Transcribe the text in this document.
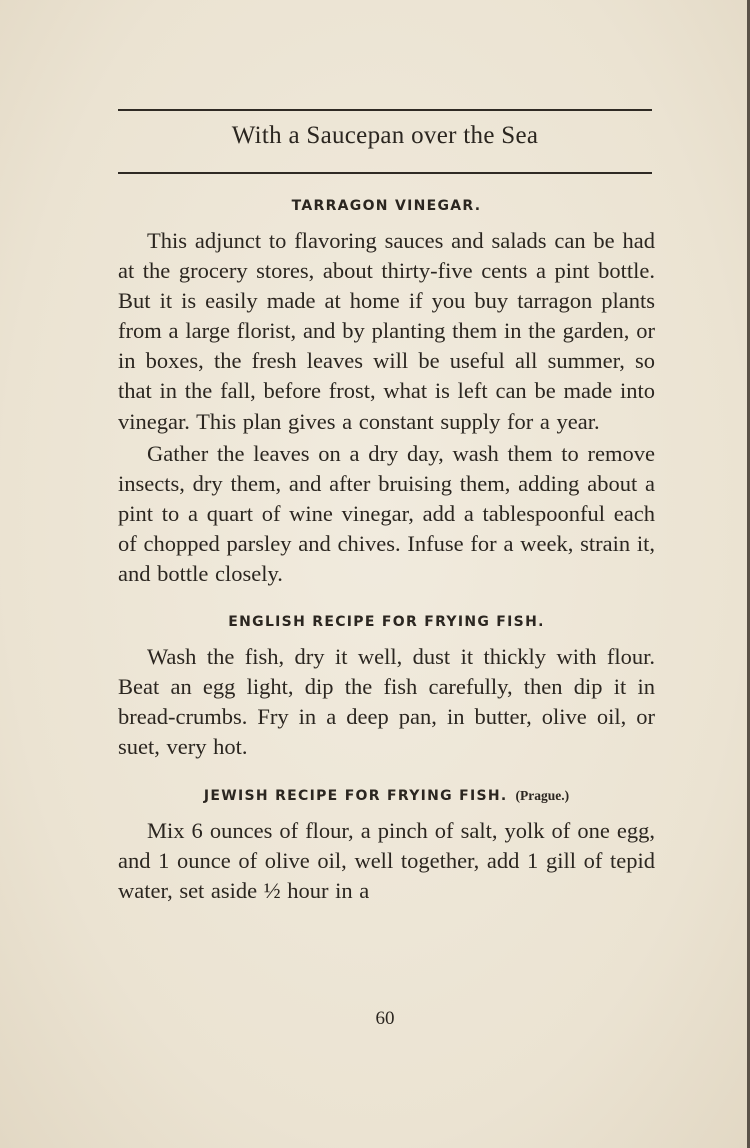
With a Saucepan over the Sea

TARRAGON VINEGAR.

This adjunct to flavoring sauces and salads can be had at the grocery stores, about thirty-five cents a pint bottle. But it is easily made at home if you buy tarragon plants from a large florist, and by planting them in the garden, or in boxes, the fresh leaves will be useful all summer, so that in the fall, before frost, what is left can be made into vinegar. This plan gives a constant supply for a year.

Gather the leaves on a dry day, wash them to remove insects, dry them, and after bruising them, adding about a pint to a quart of wine vinegar, add a tablespoonful each of chopped parsley and chives. Infuse for a week, strain it, and bottle closely.

ENGLISH RECIPE FOR FRYING FISH.

Wash the fish, dry it well, dust it thickly with flour. Beat an egg light, dip the fish carefully, then dip it in bread-crumbs. Fry in a deep pan, in butter, olive oil, or suet, very hot.

JEWISH RECIPE FOR FRYING FISH. (Prague.)

Mix 6 ounces of flour, a pinch of salt, yolk of one egg, and 1 ounce of olive oil, well together, add 1 gill of tepid water, set aside ½ hour in a

60
